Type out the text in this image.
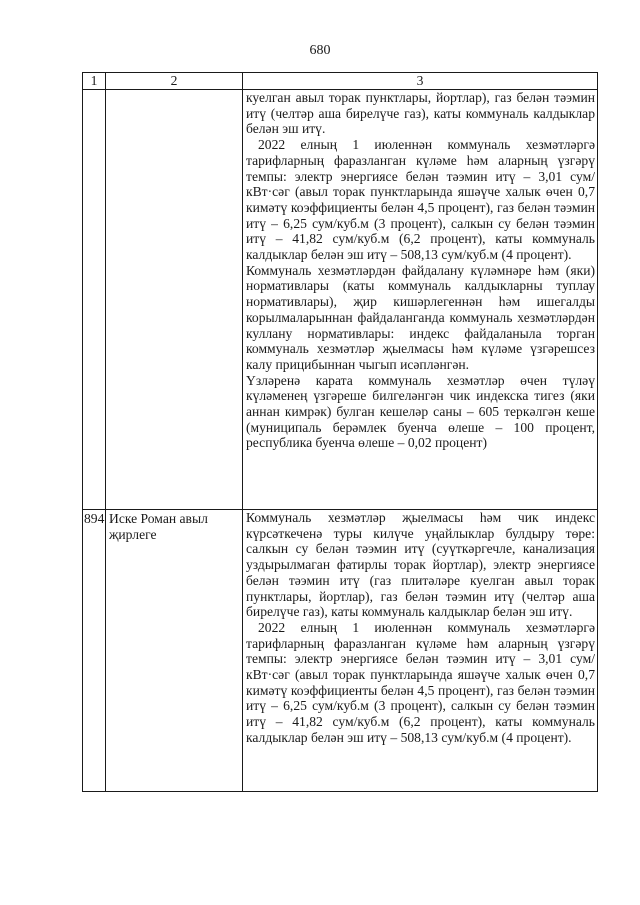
680
1	2	3

		куелган авыл торак пунктлары, йортлар), газ белән тәэмин итү (челтәр аша бирелүче газ), каты коммуналь калдыклар белән эш итү.

2022 елның 1 июленнән коммуналь хезмәтләргә тарифларның фаразланган күләме һәм аларның үзгәрү темпы: электр энергиясе белән тәэмин итү – 3,01 сум/кВт·сәг (авыл торак пунктларында яшәүче халык өчен 0,7 кимәтү коэффициенты белән 4,5 процент), газ белән тәэмин итү – 6,25 сум/куб.м (3 процент), салкын су белән тәэмин итү – 41,82 сум/куб.м (6,2 процент), каты коммуналь калдыклар белән эш итү – 508,13 сум/куб.м (4 процент).

Коммуналь хезмәтләрдән файдалану күләмнәре һәм (яки) нормативлары (каты коммуналь калдыкларны туплау нормативлары), җир кишәрлегеннән һәм ишегалды корылмаларыннан файдаланганда коммуналь хезмәтләрдән куллану нормативлары: индекс файдаланыла торган коммуналь хезмәтләр җыелмасы һәм күләме үзгәрешсез калу прицибыннан чыгып исәпләнгән.

Үзләренә карата коммуналь хезмәтләр өчен түләү күләменең үзгәреше билгеләнгән чик индекска тигез (яки аннан кимрәк) булган кешеләр саны – 605 теркәлгән кеше (муниципаль берәмлек буенча өлеше – 100 процент, республика буенча өлеше – 0,02 процент)

894	Иске Роман авыл җирлеге	Коммуналь хезмәтләр җыелмасы һәм чик индекс күрсәткеченә туры килүче уңайлыклар булдыру төре: салкын су белән тәэмин итү (суүткәргечле, канализация уздырылмаган фатирлы торак йортлар), электр энергиясе белән тәэмин итү (газ плитәләре куелган авыл торак пунктлары, йортлар), газ белән тәэмин итү (челтәр аша бирелүче газ), каты коммуналь калдыклар белән эш итү.

2022 елның 1 июленнән коммуналь хезмәтләргә тарифларның фаразланган күләме һәм аларның үзгәрү темпы: электр энергиясе белән тәэмин итү – 3,01 сум/кВт·сәг (авыл торак пунктларында яшәүче халык өчен 0,7 кимәтү коэффициенты белән 4,5 процент), газ белән тәэмин итү – 6,25 сум/куб.м (3 процент), салкын су белән тәэмин итү – 41,82 сум/куб.м (6,2 процент), каты коммуналь калдыклар белән эш итү – 508,13 сум/куб.м (4 процент).
